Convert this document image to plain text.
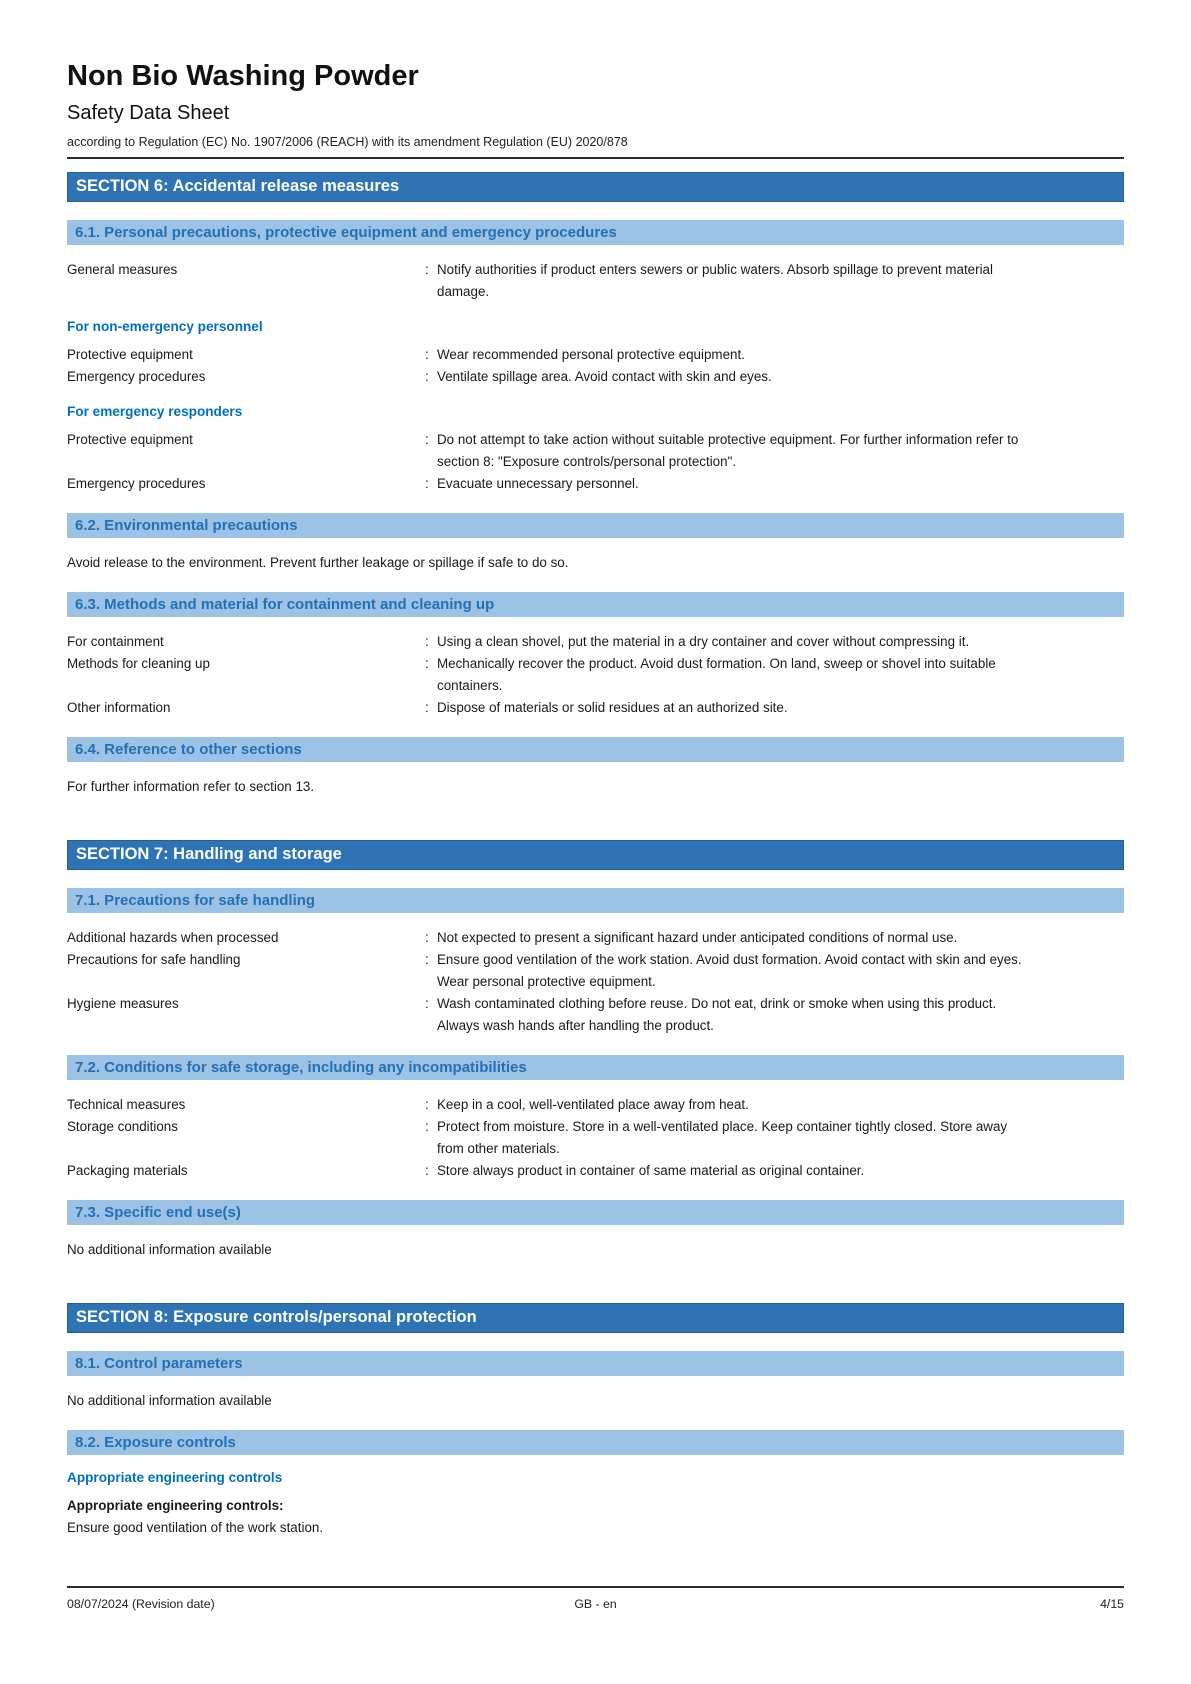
Non Bio Washing Powder
Safety Data Sheet
according to Regulation (EC) No. 1907/2006 (REACH) with its amendment Regulation (EU) 2020/878
SECTION 6: Accidental release measures
6.1. Personal precautions, protective equipment and emergency procedures
General measures	: Notify authorities if product enters sewers or public waters. Absorb spillage to prevent material damage.
For non-emergency personnel
Protective equipment	: Wear recommended personal protective equipment.
Emergency procedures	: Ventilate spillage area. Avoid contact with skin and eyes.
For emergency responders
Protective equipment	: Do not attempt to take action without suitable protective equipment. For further information refer to section 8: "Exposure controls/personal protection".
Emergency procedures	: Evacuate unnecessary personnel.
6.2. Environmental precautions
Avoid release to the environment. Prevent further leakage or spillage if safe to do so.
6.3. Methods and material for containment and cleaning up
For containment	: Using a clean shovel, put the material in a dry container and cover without compressing it.
Methods for cleaning up	: Mechanically recover the product. Avoid dust formation. On land, sweep or shovel into suitable containers.
Other information	: Dispose of materials or solid residues at an authorized site.
6.4. Reference to other sections
For further information refer to section 13.
SECTION 7: Handling and storage
7.1. Precautions for safe handling
Additional hazards when processed	: Not expected to present a significant hazard under anticipated conditions of normal use.
Precautions for safe handling	: Ensure good ventilation of the work station. Avoid dust formation. Avoid contact with skin and eyes. Wear personal protective equipment.
Hygiene measures	: Wash contaminated clothing before reuse. Do not eat, drink or smoke when using this product. Always wash hands after handling the product.
7.2. Conditions for safe storage, including any incompatibilities
Technical measures	: Keep in a cool, well-ventilated place away from heat.
Storage conditions	: Protect from moisture. Store in a well-ventilated place. Keep container tightly closed. Store away from other materials.
Packaging materials	: Store always product in container of same material as original container.
7.3. Specific end use(s)
No additional information available
SECTION 8: Exposure controls/personal protection
8.1. Control parameters
No additional information available
8.2. Exposure controls
Appropriate engineering controls
Appropriate engineering controls:
Ensure good ventilation of the work station.
08/07/2024 (Revision date)	GB - en	4/15
